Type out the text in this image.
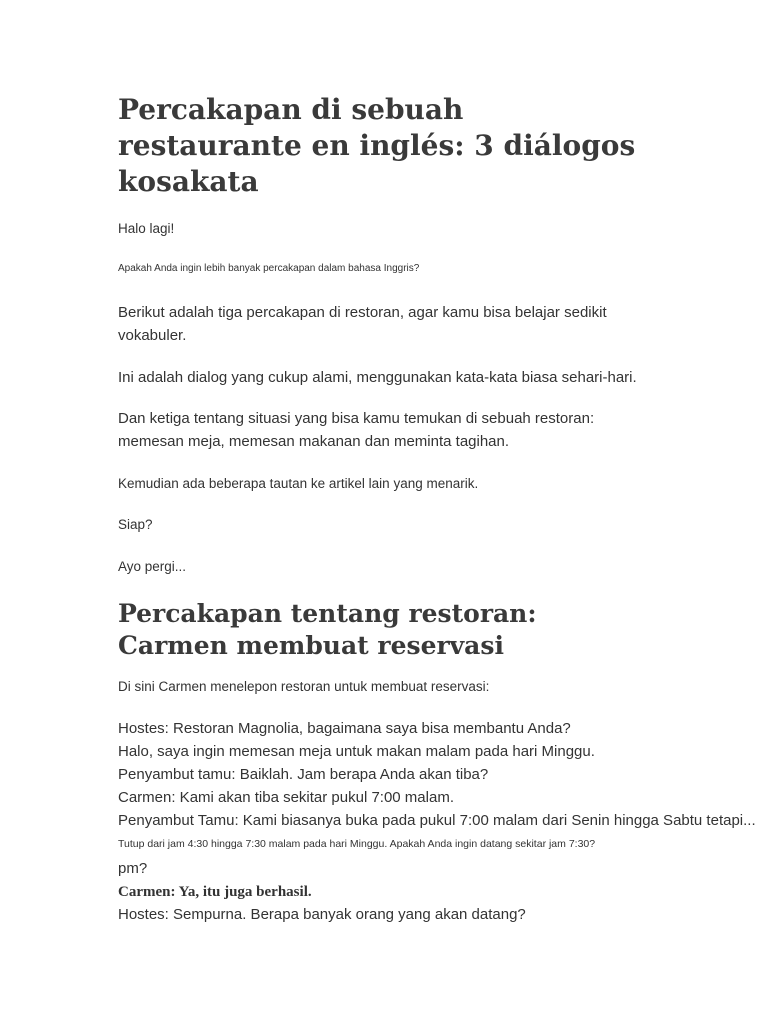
Percakapan di sebuah restaurante en inglés: 3 diálogos kosakata

Halo lagi!

Apakah Anda ingin lebih banyak percakapan dalam bahasa Inggris?

Berikut adalah tiga percakapan di restoran, agar kamu bisa belajar sedikit vokabuler.

Ini adalah dialog yang cukup alami, menggunakan kata-kata biasa sehari-hari.

Dan ketiga tentang situasi yang bisa kamu temukan di sebuah restoran: memesan meja, memesan makanan dan meminta tagihan.

Kemudian ada beberapa tautan ke artikel lain yang menarik.

Siap?

Ayo pergi...

Percakapan tentang restoran: Carmen membuat reservasi

Di sini Carmen menelepon restoran untuk membuat reservasi:

Hostes: Restoran Magnolia, bagaimana saya bisa membantu Anda?

Halo, saya ingin memesan meja untuk makan malam pada hari Minggu.

Penyambut tamu: Baiklah. Jam berapa Anda akan tiba?

Carmen: Kami akan tiba sekitar pukul 7:00 malam.

Penyambut Tamu: Kami biasanya buka pada pukul 7:00 malam dari Senin hingga Sabtu tetapi...

Tutup dari jam 4:30 hingga 7:30 malam pada hari Minggu. Apakah Anda ingin datang sekitar jam 7:30?

pm?

Carmen: Ya, itu juga berhasil.

Hostes: Sempurna. Berapa banyak orang yang akan datang?
